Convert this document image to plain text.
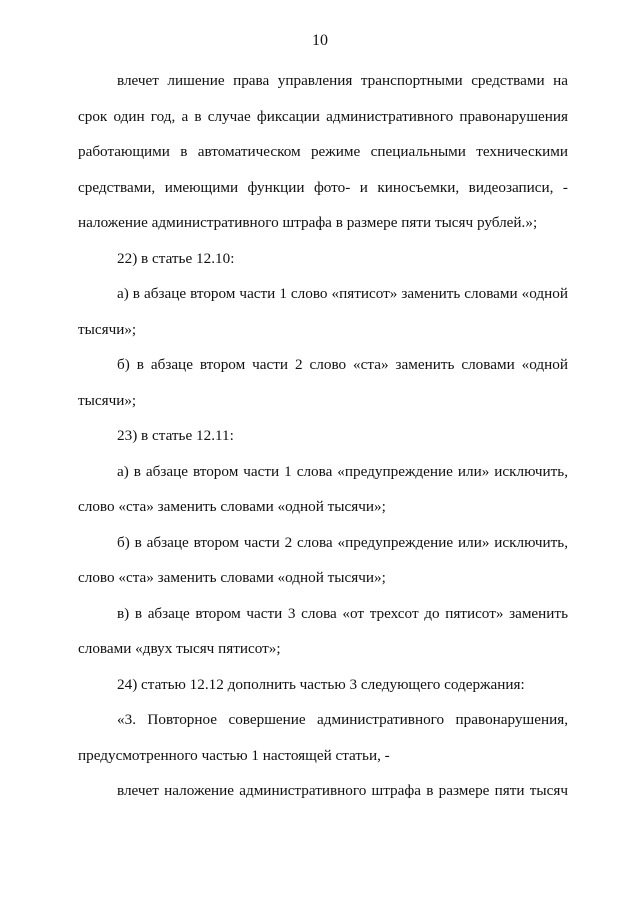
10
влечет лишение права управления транспортными средствами на
срок один год, а в случае фиксации административного правонарушения
работающими в автоматическом режиме специальными техническими
средствами, имеющими функции фото- и киносъемки, видеозаписи, -
наложение административного штрафа в размере пяти тысяч рублей.»;
22) в статье 12.10:
а) в абзаце втором части 1 слово «пятисот» заменить словами «одной
тысячи»;
б) в абзаце втором части 2 слово «ста» заменить словами «одной
тысячи»;
23) в статье 12.11:
а) в абзаце втором части 1 слова «предупреждение или» исключить,
слово «ста» заменить словами «одной тысячи»;
б) в абзаце втором части 2 слова «предупреждение или» исключить,
слово «ста» заменить словами «одной тысячи»;
в) в абзаце втором части 3 слова «от трехсот до пятисот» заменить
словами «двух тысяч пятисот»;
24) статью 12.12 дополнить частью 3 следующего содержания:
«3. Повторное совершение административного правонарушения,
предусмотренного частью 1 настоящей статьи, -
влечет наложение административного штрафа в размере пяти тысяч
